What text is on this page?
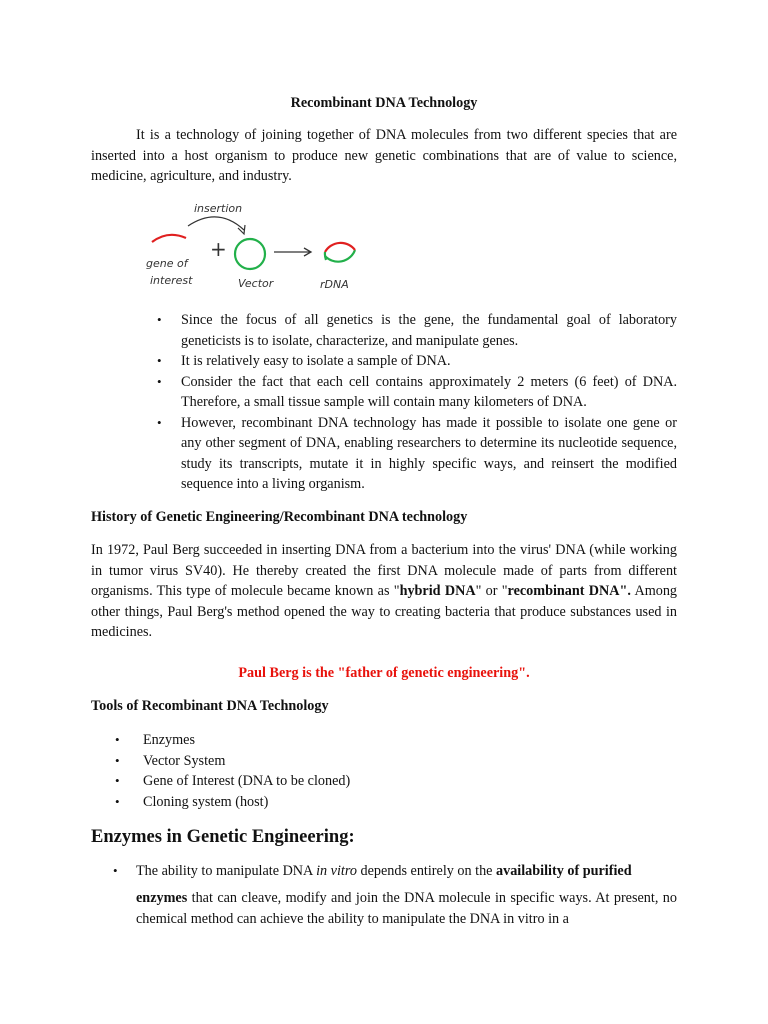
Recombinant DNA Technology

It is a technology of joining together of DNA molecules from two different species that are inserted into a host organism to produce new genetic combinations that are of value to science, medicine, agriculture, and industry.

gene of
interest
+
insertion
Vector	rDNA
• Since the focus of all genetics is the gene, the fundamental goal of laboratory geneticists is to isolate, characterize, and manipulate genes.
• It is relatively easy to isolate a sample of DNA.
• Consider the fact that each cell contains approximately 2 meters (6 feet) of DNA. Therefore, a small tissue sample will contain many kilometers of DNA.
• However, recombinant DNA technology has made it possible to isolate one gene or any other segment of DNA, enabling researchers to determine its nucleotide sequence, study its transcripts, mutate it in highly specific ways, and reinsert the modified sequence into a living organism.
History of Genetic Engineering/Recombinant DNA technology

In 1972, Paul Berg succeeded in inserting DNA from a bacterium into the virus' DNA (while working in tumor virus SV40). He thereby created the first DNA molecule made of parts from different organisms. This type of molecule became known as "hybrid DNA" or "recombinant DNA". Among other things, Paul Berg's method opened the way to creating bacteria that produce substances used in medicines.

Paul Berg is the "father of genetic engineering".
Tools of Recombinant DNA Technology
• Enzymes
• Vector System
• Gene of Interest (DNA to be cloned)
• Cloning system (host)
Enzymes in Genetic Engineering:
• The ability to manipulate DNA in vitro depends entirely on the availability of purified

enzymes that can cleave, modify and join the DNA molecule in specific ways. At present, no chemical method can achieve the ability to manipulate the DNA in vitro in a
